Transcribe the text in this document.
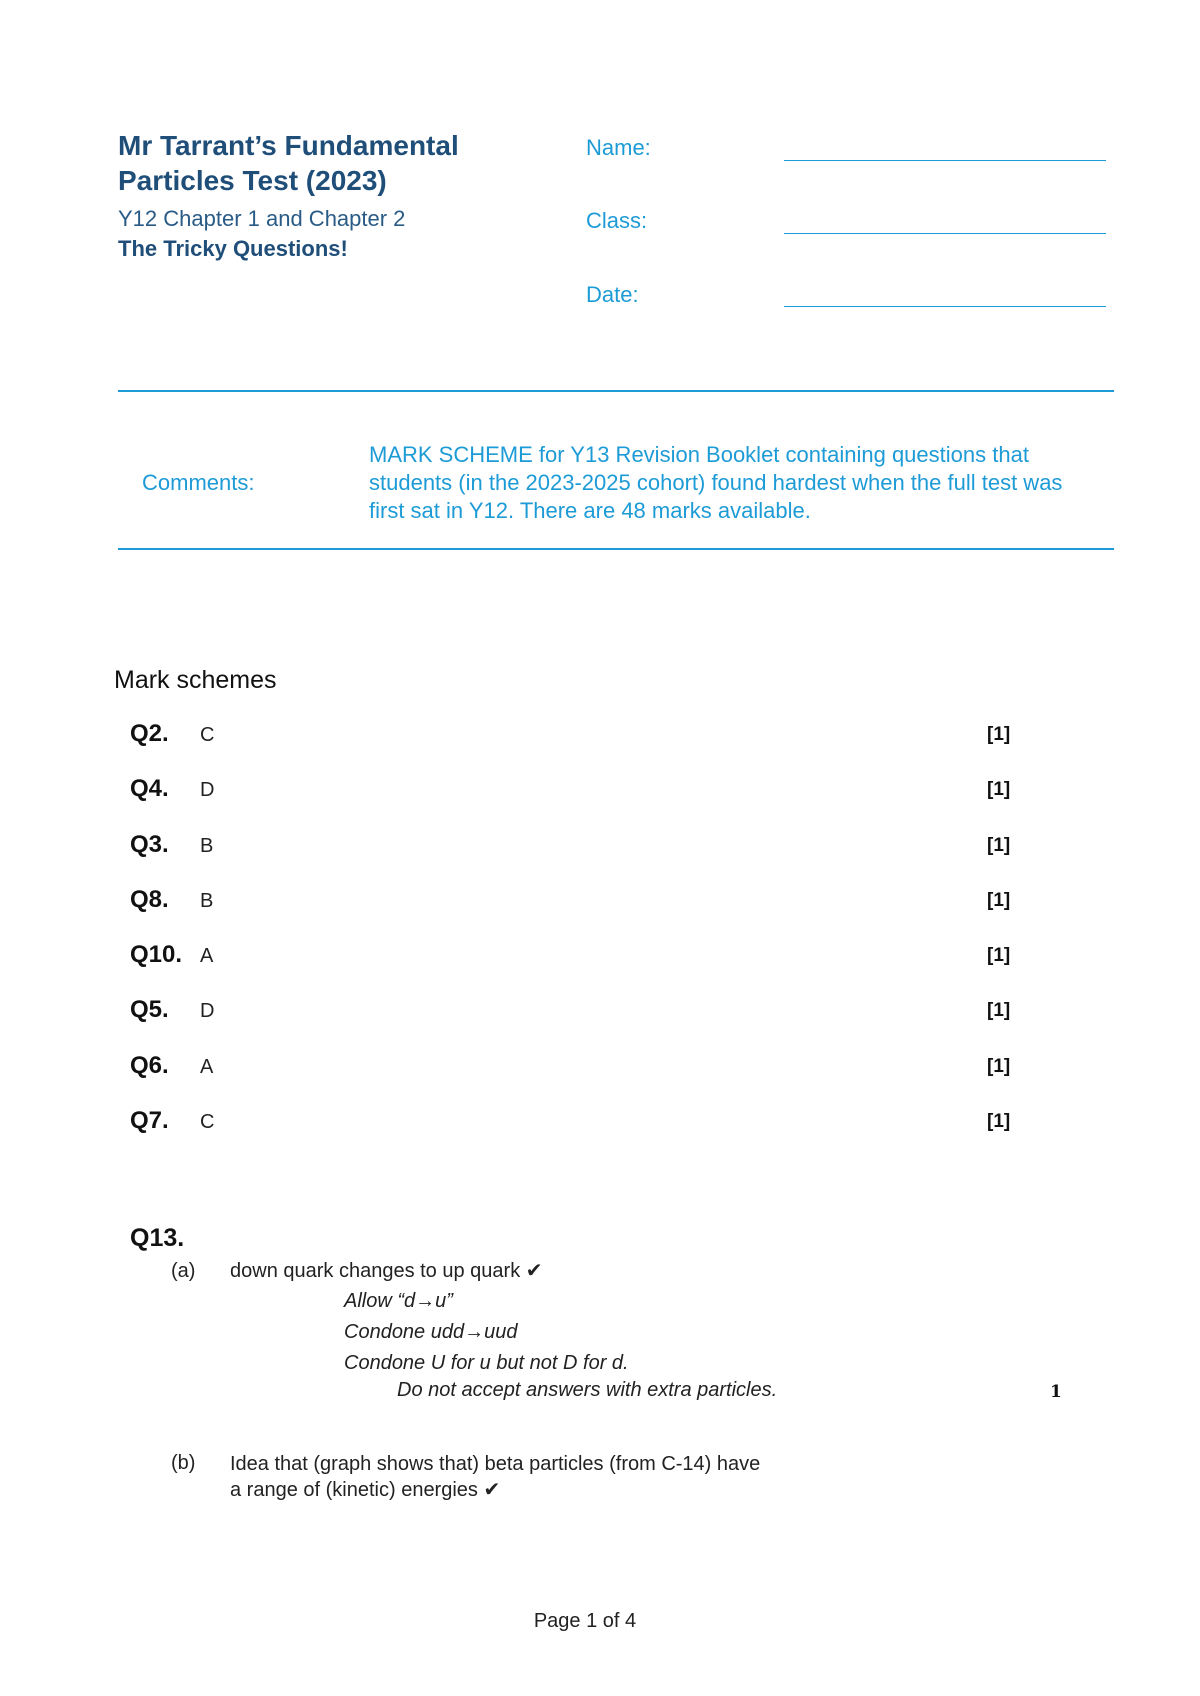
Mr Tarrant’s Fundamental Particles Test (2023)
Y12 Chapter 1 and Chapter 2
The Tricky Questions!
Name:
Class:
Date:
Comments:
MARK SCHEME for Y13 Revision Booklet containing questions that students (in the 2023-2025 cohort) found hardest when the full test was first sat in Y12. There are 48 marks available.
Mark schemes
Q2. C	[1]
Q4. D	[1]
Q3. B	[1]
Q8. B	[1]
Q10. A	[1]
Q5. D	[1]
Q6. A	[1]
Q7. C	[1]
Q13.
(a) down quark changes to up quark ✔
Allow “d→u”
Condone udd→uud
Condone U for u but not D for d.
Do not accept answers with extra particles.	1
(b) Idea that (graph shows that) beta particles (from C-14) have
a range of (kinetic) energies ✔
Page 1 of 4
